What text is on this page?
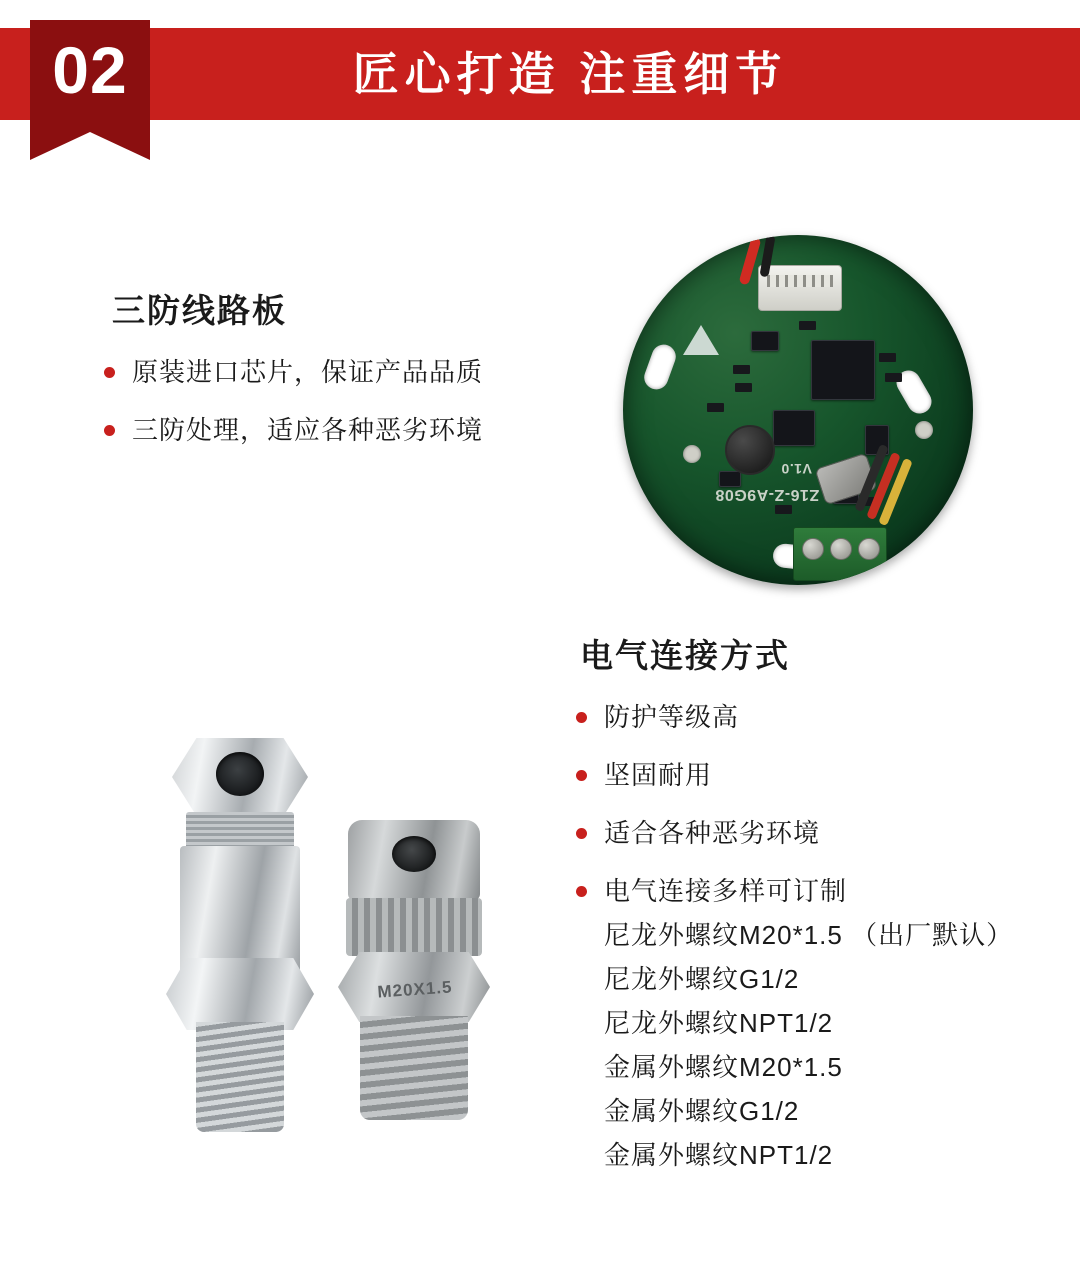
02	匠心打造 注重细节
三防线路板
原装进口芯片，保证产品品质
三防处理，适应各种恶劣环境
Z16-Z-A9G08
V1.0
电气连接方式
防护等级高
坚固耐用
适合各种恶劣环境
电气连接多样可订制
尼龙外螺纹M20*1.5 （出厂默认）
尼龙外螺纹G1/2
尼龙外螺纹NPT1/2
金属外螺纹M20*1.5
金属外螺纹G1/2
金属外螺纹NPT1/2
M20X1.5
